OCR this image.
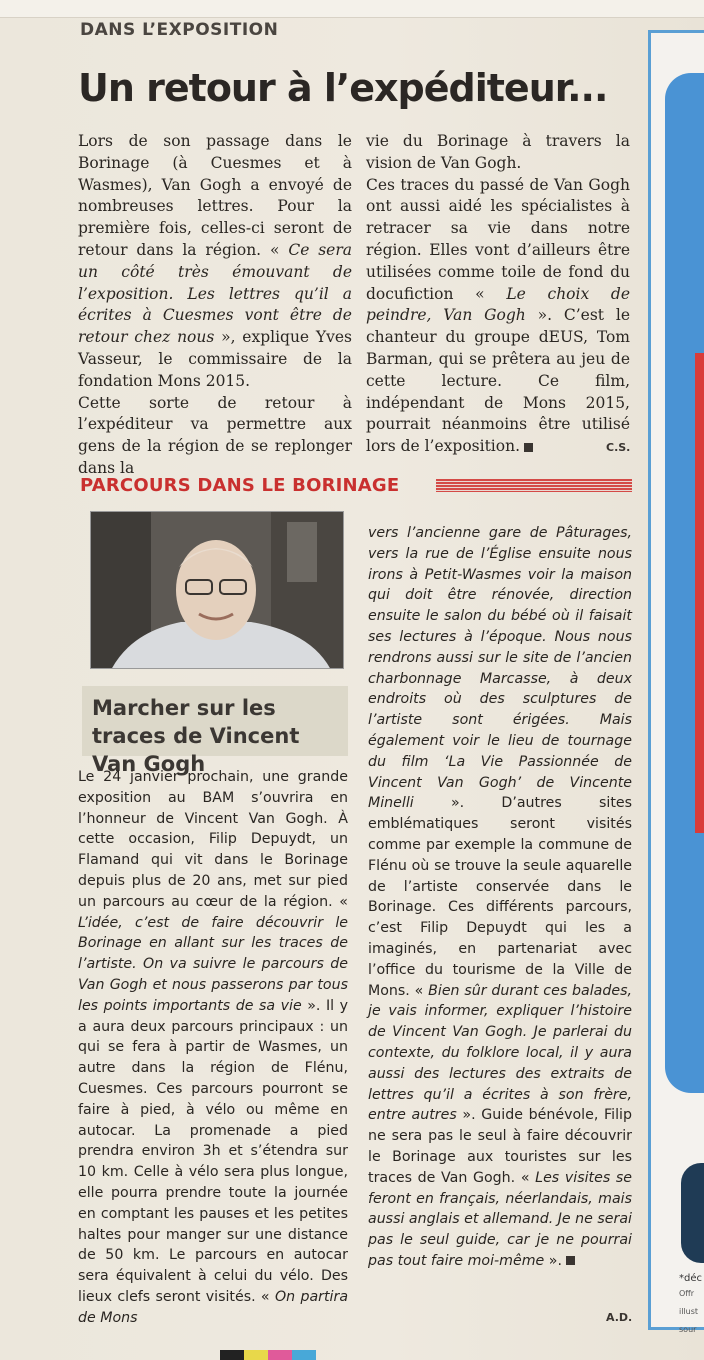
DANS L’EXPOSITION
Un retour à l’expéditeur...
Lors de son passage dans le Borinage (à Cuesmes et à Wasmes), Van Gogh a envoyé de nombreuses lettres. Pour la première fois, celles-ci seront de retour dans la région. « Ce sera un côté très émouvant de l’exposition. Les lettres qu’il a écrites à Cuesmes vont être de retour chez nous », explique Yves Vasseur, le commissaire de la fondation Mons 2015.
Cette sorte de retour à l’expéditeur va permettre aux gens de la région de se replonger dans la
vie du Borinage à travers la vision de Van Gogh.
Ces traces du passé de Van Gogh ont aussi aidé les spécialistes à retracer sa vie dans notre région. Elles vont d’ailleurs être utilisées comme toile de fond du docufiction « Le choix de peindre, Van Gogh ». C’est le chanteur du groupe dEUS, Tom Barman, qui se prêtera au jeu de cette lecture. Ce film, indépendant de Mons 2015, pourrait néanmoins être utilisé lors de l’exposition.	C.S.
PARCOURS DANS LE BORINAGE
Marcher sur les traces de Vincent Van Gogh
Le 24 janvier prochain, une grande exposition au BAM s’ouvrira en l’honneur de Vincent Van Gogh. À cette occasion, Filip Depuydt, un Flamand qui vit dans le Borinage depuis plus de 20 ans, met sur pied un parcours au cœur de la région. « L’idée, c’est de faire découvrir le Borinage en allant sur les traces de l’artiste. On va suivre le parcours de Van Gogh et nous passerons par tous les points importants de sa vie ». Il y a aura deux parcours principaux : un qui se fera à partir de Wasmes, un autre dans la région de Flénu, Cuesmes. Ces parcours pourront se faire à pied, à vélo ou même en autocar. La promenade a pied prendra environ 3h et s’étendra sur 10 km. Celle à vélo sera plus longue, elle pourra prendre toute la journée en comptant les pauses et les petites haltes pour manger sur une distance de 50 km. Le parcours en autocar sera équivalent à celui du vélo. Des lieux clefs seront visités. « On partira de Mons
vers l’ancienne gare de Pâturages, vers la rue de l’Église ensuite nous irons à Petit-Wasmes voir la maison qui doit être rénovée, direction ensuite le salon du bébé où il faisait ses lectures à l’époque. Nous nous rendrons aussi sur le site de l’ancien charbonnage Marcasse, à deux endroits où des sculptures de l’artiste sont érigées. Mais également voir le lieu de tournage du film ‘La Vie Passionnée de Vincent Van Gogh’ de Vincente Minelli ». D’autres sites emblématiques seront visités comme par exemple la commune de Flénu où se trouve la seule aquarelle de l’artiste conservée dans le Borinage. Ces différents parcours, c’est Filip Depuydt qui les a imaginés, en partenariat avec l’office du tourisme de la Ville de Mons. « Bien sûr durant ces balades, je vais informer, expliquer l’histoire de Vincent Van Gogh. Je parlerai du contexte, du folklore local, il y aura aussi des lectures des extraits de lettres qu’il a écrites à son frère, entre autres ». Guide bénévole, Filip ne sera pas le seul à faire découvrir le Borinage aux touristes sur les traces de Van Gogh. « Les visites se feront en français, néerlandais, mais aussi anglais et allemand. Je ne serai pas le seul guide, car je ne pourrai pas tout faire moi-même ».
A.D.
*déc
Offr
illust
sour
